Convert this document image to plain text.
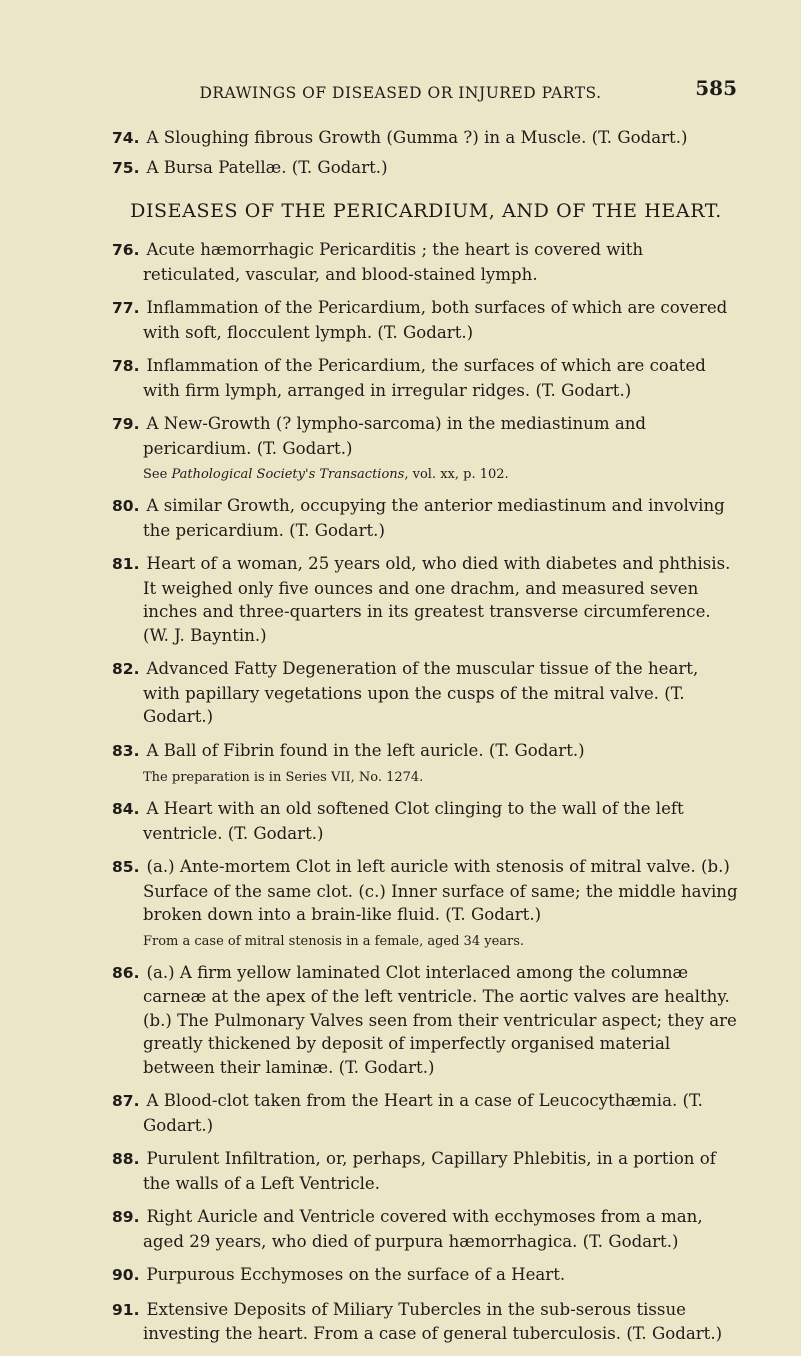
DRAWINGS OF DISEASED OR INJURED PARTS.	585

74. A Sloughing fibrous Growth (Gumma ?) in a Muscle. (T. Godart.)

75. A Bursa Patellæ. (T. Godart.)

DISEASES OF THE PERICARDIUM, AND OF THE HEART.

76. Acute hæmorrhagic Pericarditis ; the heart is covered with reticulated, vascular, and blood-stained lymph.

77. Inflammation of the Pericardium, both surfaces of which are covered with soft, flocculent lymph. (T. Godart.)

78. Inflammation of the Pericardium, the surfaces of which are coated with firm lymph, arranged in irregular ridges. (T. Godart.)

79. A New-Growth (? lympho-sarcoma) in the mediastinum and pericardium. (T. Godart.)

See Pathological Society's Transactions, vol. xx, p. 102.

80. A similar Growth, occupying the anterior mediastinum and involving the pericardium. (T. Godart.)

81. Heart of a woman, 25 years old, who died with diabetes and phthisis. It weighed only five ounces and one drachm, and measured seven inches and three-quarters in its greatest transverse circumference. (W. J. Bayntin.)

82. Advanced Fatty Degeneration of the muscular tissue of the heart, with papillary vegetations upon the cusps of the mitral valve. (T. Godart.)

83. A Ball of Fibrin found in the left auricle. (T. Godart.)

The preparation is in Series VII, No. 1274.

84. A Heart with an old softened Clot clinging to the wall of the left ventricle. (T. Godart.)

85. (a.) Ante-mortem Clot in left auricle with stenosis of mitral valve. (b.) Surface of the same clot. (c.) Inner surface of same; the middle having broken down into a brain-like fluid. (T. Godart.)

From a case of mitral stenosis in a female, aged 34 years.

86. (a.) A firm yellow laminated Clot interlaced among the columnæ carneæ at the apex of the left ventricle. The aortic valves are healthy. (b.) The Pulmonary Valves seen from their ventricular aspect; they are greatly thickened by deposit of imperfectly organised material between their laminæ. (T. Godart.)

87. A Blood-clot taken from the Heart in a case of Leucocythæmia. (T. Godart.)

88. Purulent Infiltration, or, perhaps, Capillary Phlebitis, in a portion of the walls of a Left Ventricle.

89. Right Auricle and Ventricle covered with ecchymoses from a man, aged 29 years, who died of purpura hæmorrhagica. (T. Godart.)

90. Purpurous Ecchymoses on the surface of a Heart.

91. Extensive Deposits of Miliary Tubercles in the sub-serous tissue investing the heart. From a case of general tuberculosis. (T. Godart.)
